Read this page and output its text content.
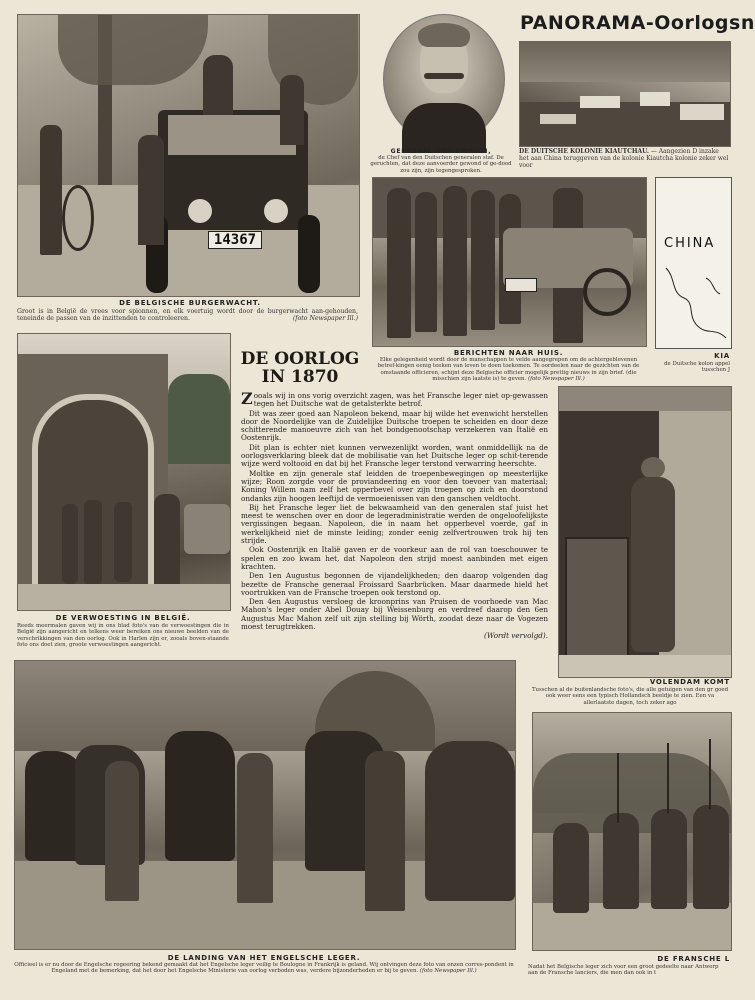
PANORAMA-Oorlogsn
14367
DE BELGISCHE BURGERWACHT.
Groot is in België de vrees voor spionnen, en elk voertuig wordt door de burgerwacht aan-gehouden, teneinde de passen van de inzittenden te controleeren.	(foto Newspaper Ill.)
GENERAAL VON EMMICH,
de Chef van den Duitschen generalen staf. De geruchten, dat deze aanvoerder gewond of ge-dood zou zijn, zijn tegengesproken.
DE DUITSCHE KOLONIE KIAUTCHAU. — Aangezien D inzake het aan China teruggeven van de kolonie Kiautcha kolonie zeker wel voor
BERICHTEN NAAR HUIS.
Elke gelegenheid wordt door de manschappen te velde aangegrepen om de achtergeblevenen betref-kingen eenig teeken van leven te doen toekomen. Te oordeelen naar de gezichten van de omstaande officieren, schijnt deze Belgische officier mogelijk prettig nieuws in zijn brief. (die misschien zijn laatste is) te geven. (foto Newspaper Ill.)
CHINA
KIA
de Duitsche kolon appel tusschen J
DE VERWOESTING IN BELGIË.
Reeds meermalen gaven wij in ons blad foto's van de verwoestingen die in België zijn aangericht en telkens weer bereiken ons nieuwe beelden van de verschrikkingen van den oorlog. Ook in Harlen zijn er, zooals boven-staande foto ons doet zien, groote verwoestingen aangericht.
DE OORLOG
IN 1870

Zooals wij in ons vorig overzicht zagen, was het Fransche leger niet op-gewassen tegen het Duitsche wat de getalsterkte betrof.

Dit was zeer goed aan Napoleon bekend, maar hij wilde het evenwicht herstellen door de Noordelijke van de Zuidelijke Duitsche troepen te scheiden en door deze schitterende manoeuvre zich van het bondgenootschap verzekeren van Italië en Oostenrijk.

Dit plan is echter niet kunnen verwezenlijkt worden, want onmiddellijk na de oorlogsverklaring bleek dat de mobilisatie van het Duitsche leger op schit-terende wijze werd voltooid en dat bij het Fransche leger terstond verwarring heerschte.

Moltke en zijn generale staf leidden de troepenbewegingen op meesterlijke wijze; Roon zorgde voor de proviandeering en voor den toevoer van materiaal; Koning Willem nam zelf het opperbevel over zijn troepen op zich en doorstond ondanks zijn hoogen leeftijd de vermoeienissen van den ganschen veldtocht.

Bij het Fransche leger liet de bekwaamheid van den generalen staf juist het meest te wenschen over en door de legeradministratie werden de ongeloofelijkste vergissingen begaan. Napoleon, die in naam het opperbevel voerde, gaf in werkelijkheid niet de minste leiding; zonder eenig zelfvertrouwen trok hij ten strijde.

Ook Oostenrijk en Italië gaven er de voorkeur aan de rol van toeschouwer te spelen en zoo kwam het, dat Napoleon den strijd moest aanbinden met eigen krachten.

Den 1en Augustus begonnen de vijandelijkheden; den daarop volgenden dag bezette de Fransche generaal Froissard Saarbrücken. Maar daarmede hield het voortrukken van de Fransche troepen ook terstond op.

Den 4en Augustus versloeg de kroonprins van Pruisen de voorhoede van Mac Mahon's leger onder Abel Douay bij Weissenburg en verdreef daarop den 6en Augustus Mac Mahon zelf uit zijn stelling bij Wörth, zoodat deze naar de Vogezen moest terugtrekken.

(Wordt vervolgd).
VOLENDAM KOMT
Tusschen al de buitenlandsche foto's, die alle getuigen van den gr goed ook weer eens een typisch Hollandsch beeldje te zien. Een va allerlaatste dagen, toch zeker ago
DE LANDING VAN HET ENGELSCHE LEGER.
Officieel is er nu door de Engelsche regeering bekend gemaakt dat het Engelsche leger veilig te Boulogne in Frankrijk is geland. Wij ontvingen deze foto van onzen corres-pondent in Engeland met de bemerking, dat het door het Engelsche Ministerie van oorlog verboden was, verdere bijzonderheden er bij te geven. (foto Newspaper Ill.)
DE FRANSCHE L
Nadat het Belgische leger zich voor een groot gedeelte naar Antwerp aan de Fransche lanciers, die men dan ook in t
